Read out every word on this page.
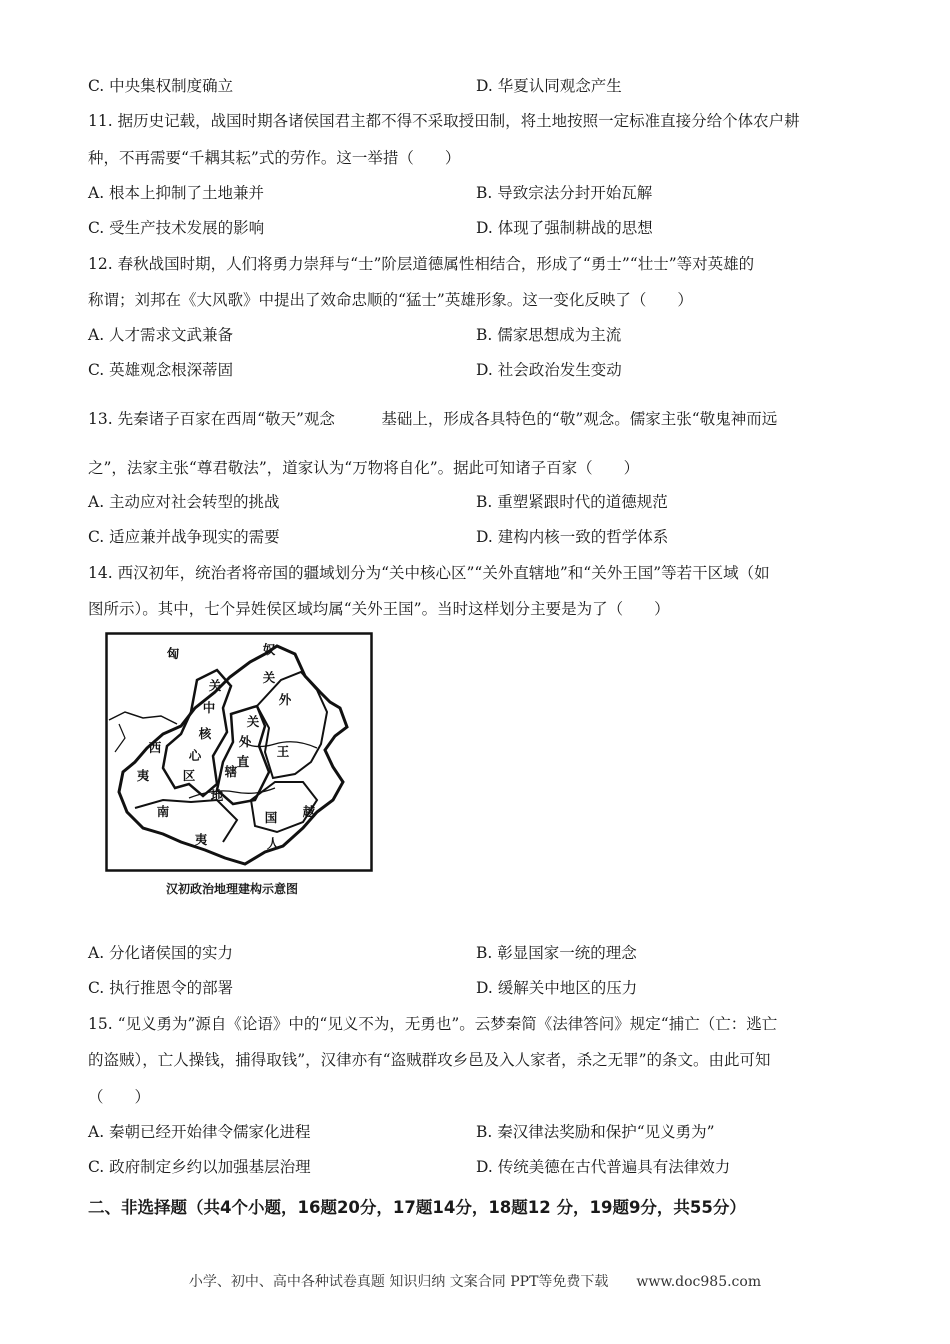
C. 中央集权制度确立	D. 华夏认同观念产生
11. 据历史记载，战国时期各诸侯国君主都不得不采取授田制，将土地按照一定标准直接分给个体农户耕
种，不再需要“千耦其耘”式的劳作。这一举措（　　）
A. 根本上抑制了土地兼并	B. 导致宗法分封开始瓦解
C. 受生产技术发展的影响	D. 体现了强制耕战的思想
12. 春秋战国时期，人们将勇力崇拜与“士”阶层道德属性相结合，形成了“勇士”“壮士”等对英雄的
称谓；刘邦在《大风歌》中提出了效命忠顺的“猛士”英雄形象。这一变化反映了（　　）
A. 人才需求文武兼备	B. 儒家思想成为主流
C. 英雄观念根深蒂固	D. 社会政治发生变动
13. 先秦诸子百家在西周“敬天”观念　　　基础上，形成各具特色的“敬”观念。儒家主张“敬鬼神而远
之”，法家主张“尊君敬法”，道家认为“万物将自化”。据此可知诸子百家（　　）
A. 主动应对社会转型的挑战	B. 重塑紧跟时代的道德规范
C. 适应兼并战争现实的需要	D. 建构内核一致的哲学体系
14. 西汉初年，统治者将帝国的疆域划分为“关中核心区”“关外直辖地”和“关外王国”等若干区域（如
图所示）。其中，七个异姓侯区域均属“关外王国”。当时这样划分主要是为了（　　）
匈	奴
关
中
核
心
区
西
夷
关
外
直
辖
地
关
外
王
国
人
越
南
夷
汉初政治地理建构示意图
A. 分化诸侯国的实力	B. 彰显国家一统的理念
C. 执行推恩令的部署	D. 缓解关中地区的压力
15. “见义勇为”源自《论语》中的“见义不为，无勇也”。云梦秦简《法律答问》规定“捕亡（亡：逃亡
的盗贼），亡人操钱，捕得取钱”，汉律亦有“盗贼群攻乡邑及入人家者，杀之无罪”的条文。由此可知
（　　）
A. 秦朝已经开始律令儒家化进程	B. 秦汉律法奖励和保护“见义勇为”
C. 政府制定乡约以加强基层治理	D. 传统美德在古代普遍具有法律效力
二、非选择题（共4个小题，16题20分，17题14分，18题12 分，19题9分，共55分）
小学、初中、高中各种试卷真题 知识归纳 文案合同 PPT等免费下载　　www.doc985.com
